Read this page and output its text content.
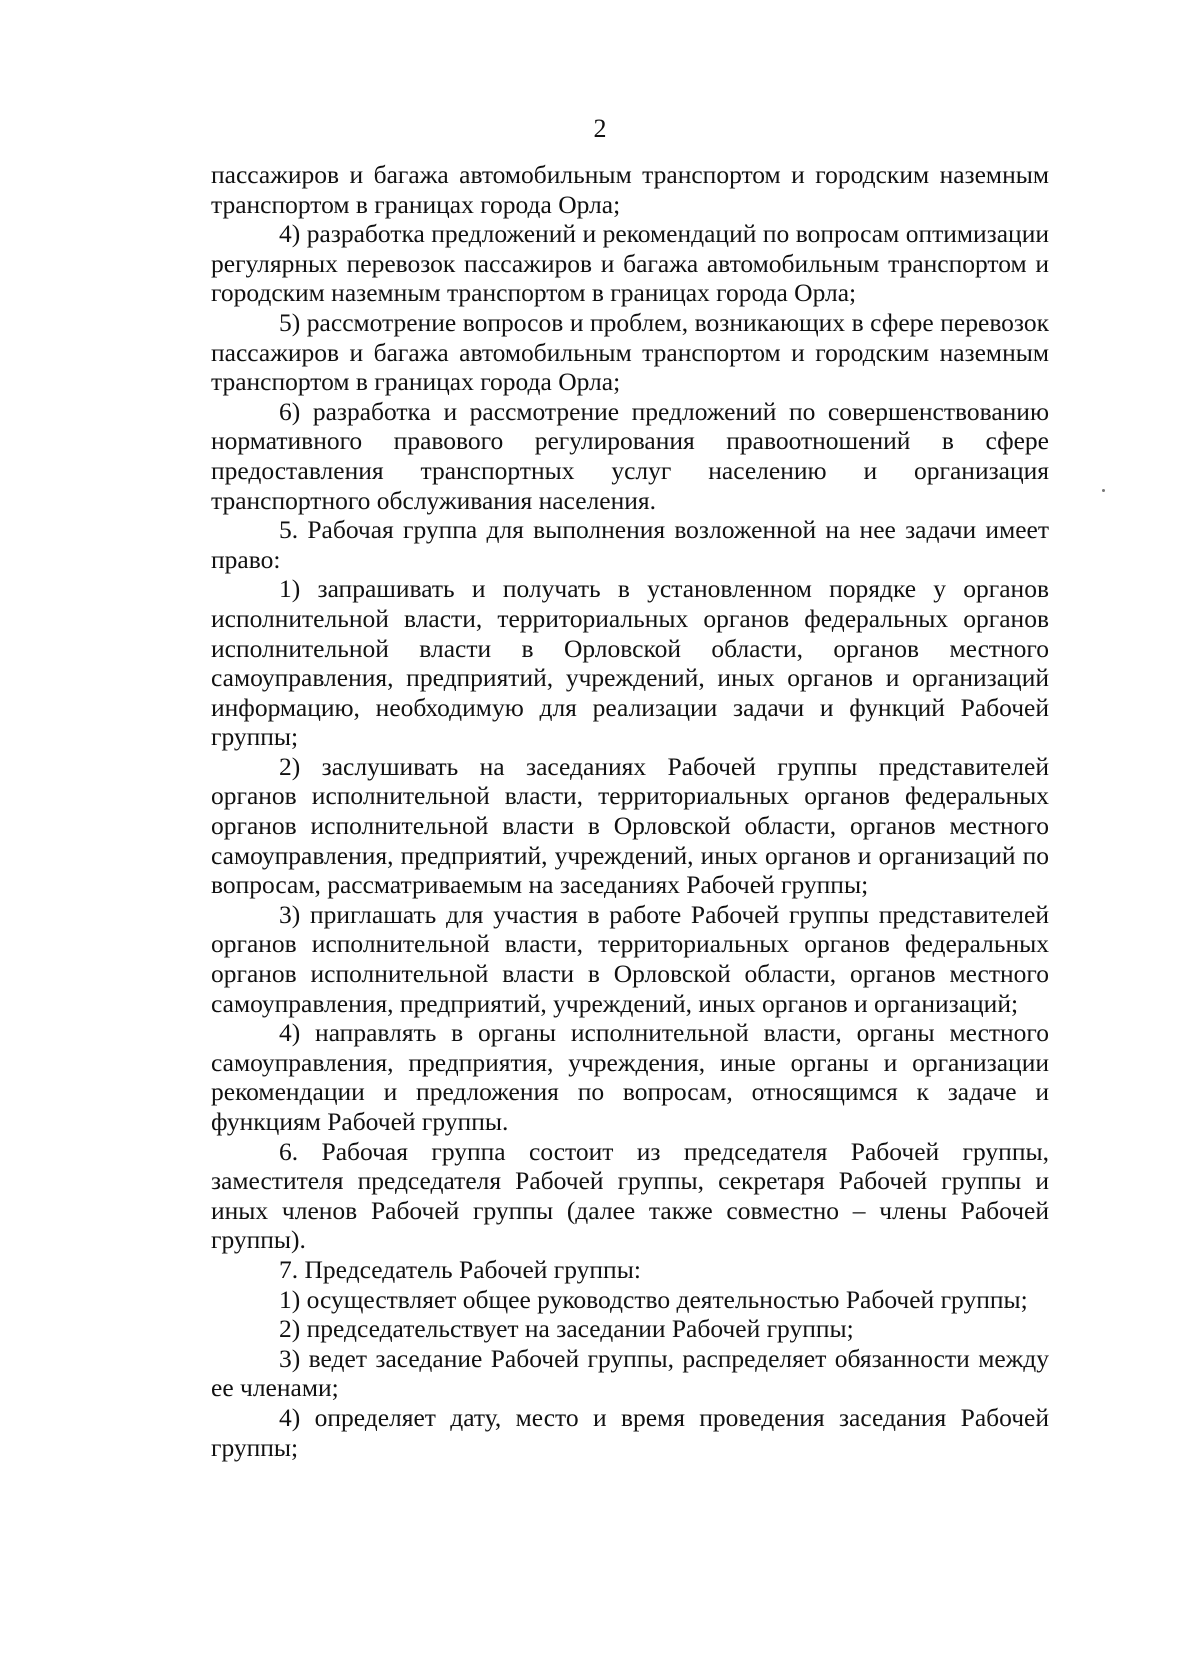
2

пассажиров и багажа автомобильным транспортом и городским наземным транспортом в границах города Орла;

4) разработка предложений и рекомендаций по вопросам оптимизации регулярных перевозок пассажиров и багажа автомобильным транспортом и городским наземным транспортом в границах города Орла;

5) рассмотрение вопросов и проблем, возникающих в сфере перевозок пассажиров и багажа автомобильным транспортом и городским наземным транспортом в границах города Орла;

6) разработка и рассмотрение предложений по совершенствованию нормативного правового регулирования правоотношений в сфере предоставления транспортных услуг населению и организация транспортного обслуживания населения.

5. Рабочая группа для выполнения возложенной на нее задачи имеет право:

1) запрашивать и получать в установленном порядке у органов исполнительной власти, территориальных органов федеральных органов исполнительной власти в Орловской области, органов местного самоуправления, предприятий, учреждений, иных органов и организаций информацию, необходимую для реализации задачи и функций Рабочей группы;

2) заслушивать на заседаниях Рабочей группы представителей органов исполнительной власти, территориальных органов федеральных органов исполнительной власти в Орловской области, органов местного самоуправления, предприятий, учреждений, иных органов и организаций по вопросам, рассматриваемым на заседаниях Рабочей группы;

3) приглашать для участия в работе Рабочей группы представителей органов исполнительной власти, территориальных органов федеральных органов исполнительной власти в Орловской области, органов местного самоуправления, предприятий, учреждений, иных органов и организаций;

4) направлять в органы исполнительной власти, органы местного самоуправления, предприятия, учреждения, иные органы и организации рекомендации и предложения по вопросам, относящимся к задаче и функциям Рабочей группы.

6. Рабочая группа состоит из председателя Рабочей группы, заместителя председателя Рабочей группы, секретаря Рабочей группы и иных членов Рабочей группы (далее также совместно – члены Рабочей группы).

7. Председатель Рабочей группы:

1) осуществляет общее руководство деятельностью Рабочей группы;

2) председательствует на заседании Рабочей группы;

3) ведет заседание Рабочей группы, распределяет обязанности между ее членами;

4) определяет дату, место и время проведения заседания Рабочей группы;
